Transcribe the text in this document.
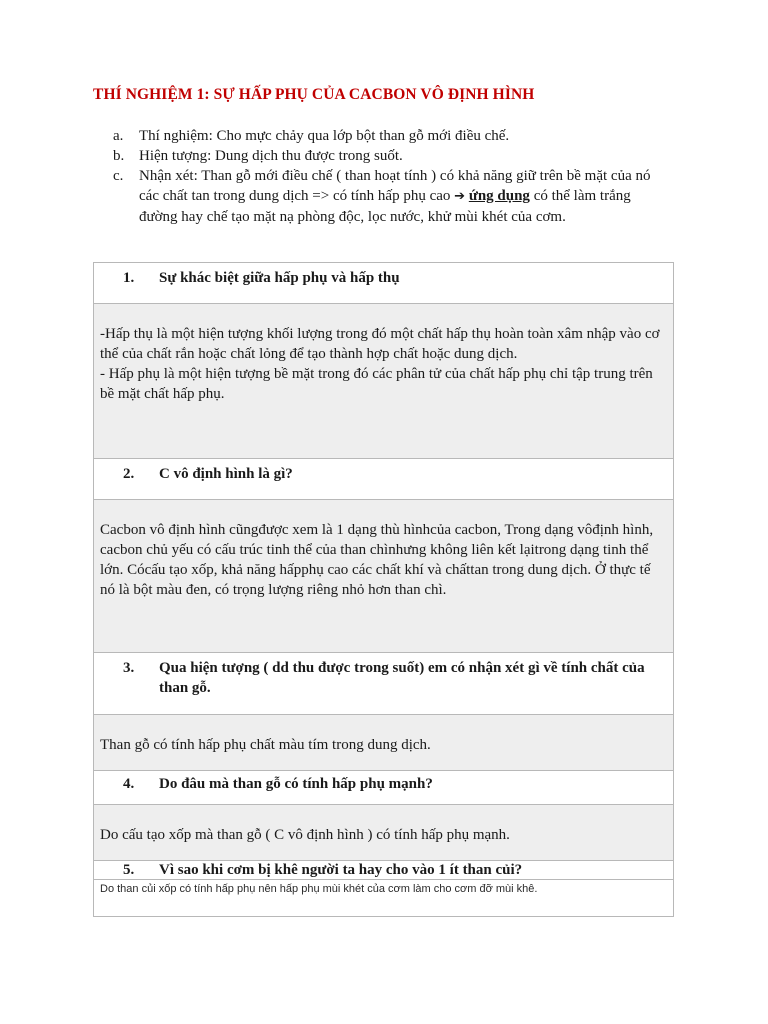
THÍ NGHIỆM 1: SỰ HẤP PHỤ CỦA CACBON VÔ ĐỊNH HÌNH
a. Thí nghiệm: Cho mực chảy qua lớp bột than gỗ mới điều chế.
b. Hiện tượng: Dung dịch thu được trong suốt.
c. Nhận xét: Than gỗ mới điều chế ( than hoạt tính ) có khả năng giữ trên bề mặt của nó các chất tan trong dung dịch => có tính hấp phụ cao ➔ ứng dụng có thể làm trắng đường hay chế tạo mặt nạ phòng độc, lọc nước, khử mùi khét của cơm.
1. Sự khác biệt giữa hấp phụ và hấp thụ

-Hấp thụ là một hiện tượng khối lượng trong đó một chất hấp thụ hoàn toàn xâm nhập vào cơ thể của chất rắn hoặc chất lỏng để tạo thành hợp chất hoặc dung dịch.
- Hấp phụ là một hiện tượng bề mặt trong đó các phân tử của chất hấp phụ chỉ tập trung trên bề mặt chất hấp phụ.

2. C vô định hình là gì?

Cacbon vô định hình cũngđược xem là 1 dạng thù hìnhcủa cacbon, Trong dạng vôđịnh hình, cacbon chủ yếu có cấu trúc tinh thể của than chìnhưng không liên kết lạitrong dạng tinh thể lớn. Cócấu tạo xốp, khả năng hấpphụ cao các chất khí và chấttan trong dung dịch. Ở thực tế nó là bột màu đen, có trọng lượng riêng nhỏ hơn than chì.

3. Qua hiện tượng ( dd thu được trong suốt) em có nhận xét gì về tính chất của than gỗ.

Than gỗ có tính hấp phụ chất màu tím trong dung dịch.

4. Do đâu mà than gỗ có tính hấp phụ mạnh?

Do cấu tạo xốp mà than gỗ ( C vô định hình ) có tính hấp phụ mạnh.

5. Vì sao khi cơm bị khê người ta hay cho vào 1 ít than củi?

Do than củi xốp có tính hấp phụ nên hấp phụ mùi khét của cơm làm cho cơm đỡ mùi khê.
